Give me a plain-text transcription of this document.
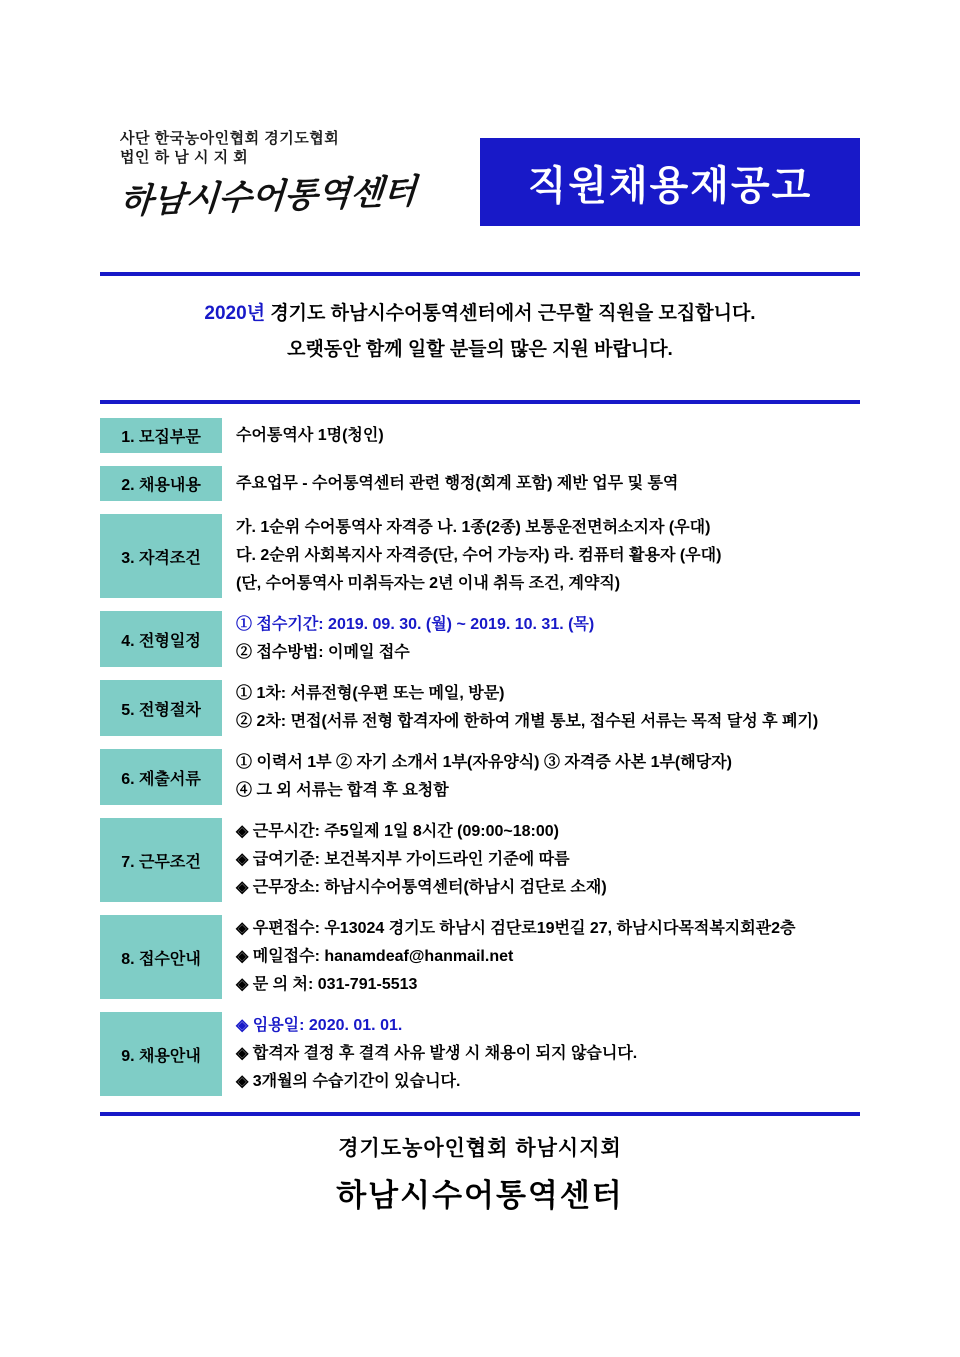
사단 한국농아인협회 경기도협회
법인 하 남 시 지 회
하남시수어통역센터	직원채용재공고
2020년 경기도 하남시수어통역센터에서 근무할 직원을 모집합니다.
오랫동안 함께 일할 분들의 많은 지원 바랍니다.
1. 모집부문	수어통역사 1명(청인)
2. 채용내용	주요업무 - 수어통역센터 관련 행정(회계 포함) 제반 업무 및 통역
3. 자격조건
가. 1순위 수어통역사 자격증 나. 1종(2종) 보통운전면허소지자 (우대)
다. 2순위 사회복지사 자격증(단, 수어 가능자) 라. 컴퓨터 활용자 (우대)
(단, 수어통역사 미취득자는 2년 이내 취득 조건, 계약직)
4. 전형일정
① 접수기간: 2019. 09. 30. (월) ~ 2019. 10. 31. (목)
② 접수방법: 이메일 접수
5. 전형절차
① 1차: 서류전형(우편 또는 메일, 방문)
② 2차: 면접(서류 전형 합격자에 한하여 개별 통보, 접수된 서류는 목적 달성 후 폐기)
6. 제출서류
① 이력서 1부 ② 자기 소개서 1부(자유양식) ③ 자격증 사본 1부(해당자)
④ 그 외 서류는 합격 후 요청함
7. 근무조건
◈ 근무시간: 주5일제 1일 8시간 (09:00~18:00)
◈ 급여기준: 보건복지부 가이드라인 기준에 따름
◈ 근무장소: 하남시수어통역센터(하남시 검단로 소재)
8. 접수안내
◈ 우편접수: 우13024 경기도 하남시 검단로19번길 27, 하남시다목적복지회관2층
◈ 메일접수: hanamdeaf@hanmail.net
◈ 문 의 처: 031-791-5513
9. 채용안내
◈ 임용일: 2020. 01. 01.
◈ 합격자 결정 후 결격 사유 발생 시 채용이 되지 않습니다.
◈ 3개월의 수습기간이 있습니다.
경기도농아인협회 하남시지회
하남시수어통역센터
